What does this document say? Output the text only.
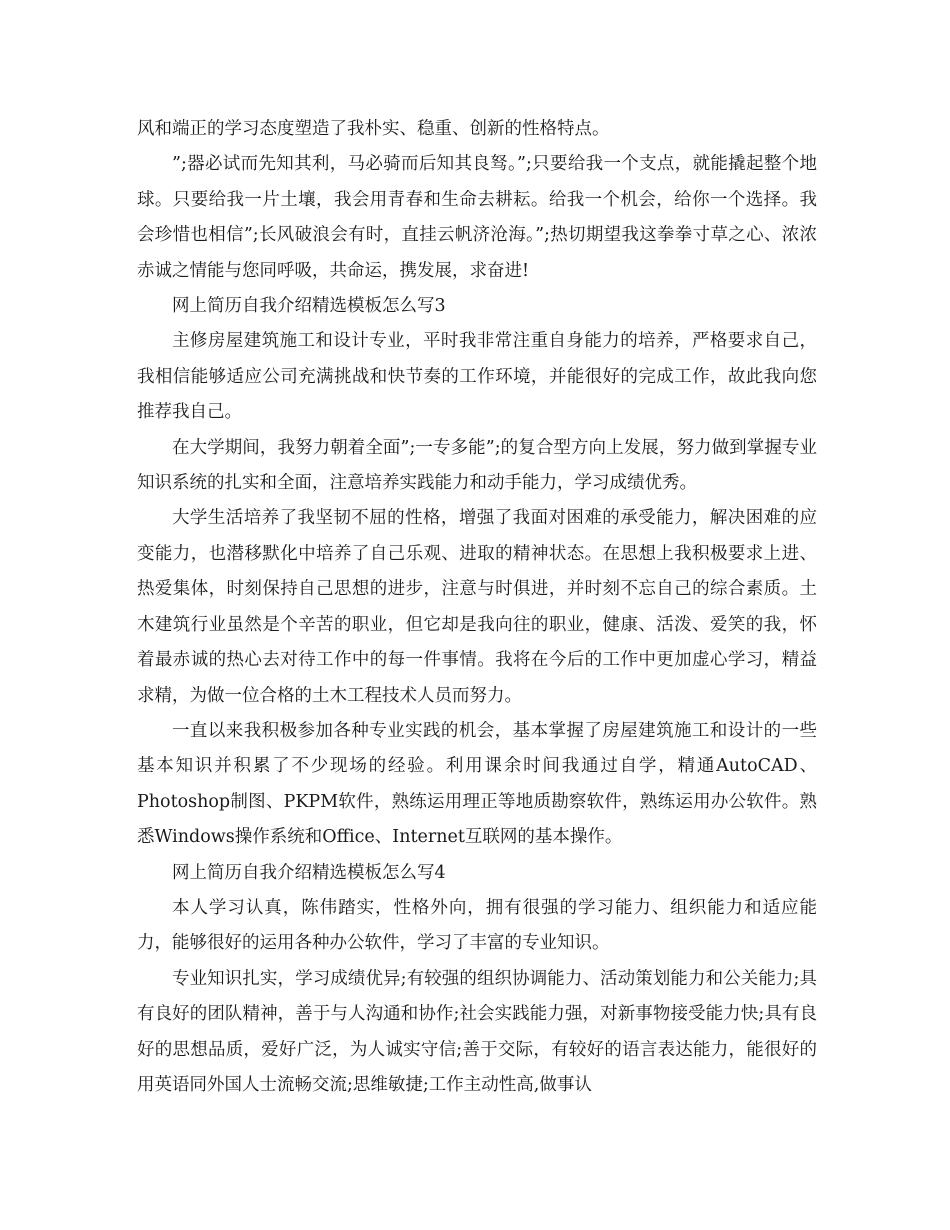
风和端正的学习态度塑造了我朴实、稳重、创新的性格特点。

”;器必试而先知其利，马必骑而后知其良驽。”;只要给我一个支点，就能撬起整个地球。只要给我一片土壤，我会用青春和生命去耕耘。给我一个机会，给你一个选择。我会珍惜也相信”;长风破浪会有时，直挂云帆济沧海。”;热切期望我这拳拳寸草之心、浓浓赤诚之情能与您同呼吸，共命运，携发展，求奋进!

网上简历自我介绍精选模板怎么写3

主修房屋建筑施工和设计专业，平时我非常注重自身能力的培养，严格要求自己，我相信能够适应公司充满挑战和快节奏的工作环境，并能很好的完成工作，故此我向您推荐我自己。

在大学期间，我努力朝着全面”;一专多能”;的复合型方向上发展，努力做到掌握专业知识系统的扎实和全面，注意培养实践能力和动手能力，学习成绩优秀。

大学生活培养了我坚韧不屈的性格，增强了我面对困难的承受能力，解决困难的应变能力，也潜移默化中培养了自己乐观、进取的精神状态。在思想上我积极要求上进、热爱集体，时刻保持自己思想的进步，注意与时俱进，并时刻不忘自己的综合素质。土木建筑行业虽然是个辛苦的职业，但它却是我向往的职业，健康、活泼、爱笑的我，怀着最赤诚的热心去对待工作中的每一件事情。我将在今后的工作中更加虚心学习，精益求精，为做一位合格的土木工程技术人员而努力。

一直以来我积极参加各种专业实践的机会，基本掌握了房屋建筑施工和设计的一些基本知识并积累了不少现场的经验。利用课余时间我通过自学，精通AutoCAD、Photoshop制图、PKPM软件，熟练运用理正等地质勘察软件，熟练运用办公软件。熟悉Windows操作系统和Office、Internet互联网的基本操作。

网上简历自我介绍精选模板怎么写4

本人学习认真，陈伟踏实，性格外向，拥有很强的学习能力、组织能力和适应能力，能够很好的运用各种办公软件，学习了丰富的专业知识。

专业知识扎实，学习成绩优异;有较强的组织协调能力、活动策划能力和公关能力;具有良好的团队精神，善于与人沟通和协作;社会实践能力强，对新事物接受能力快;具有良好的思想品质，爱好广泛，为人诚实守信;善于交际，有较好的语言表达能力，能很好的用英语同外国人士流畅交流;思维敏捷;工作主动性高,做事认
